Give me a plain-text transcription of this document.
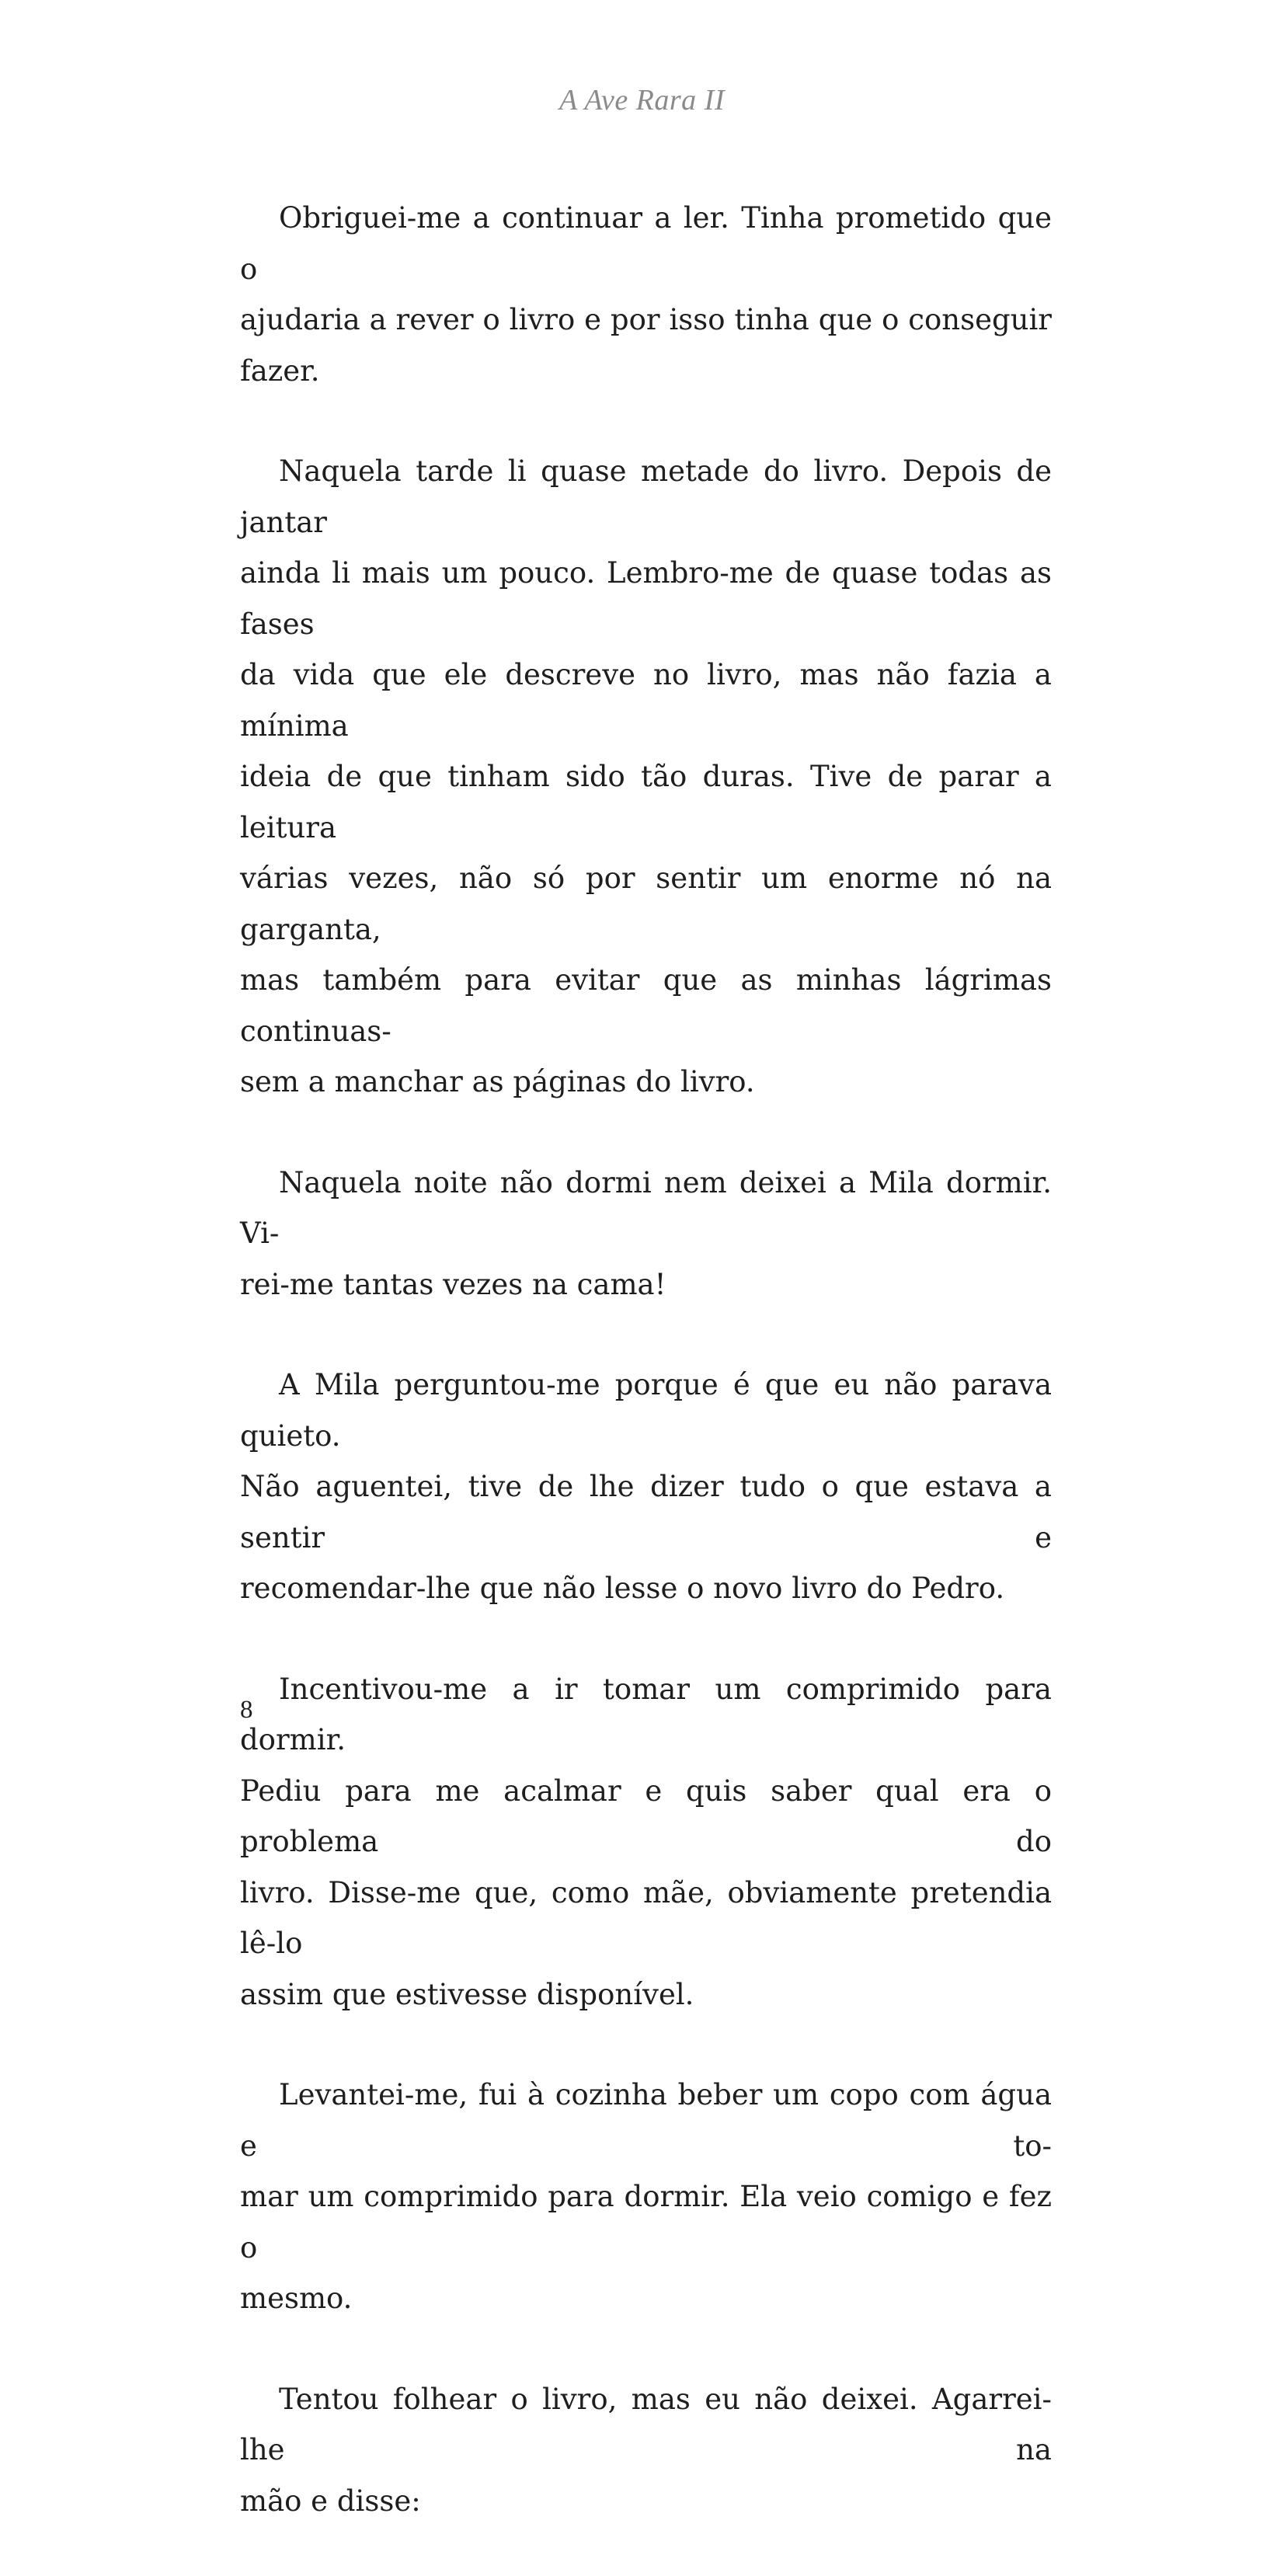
A Ave Rara II

Obriguei-me a continuar a ler. Tinha prometido que o
ajudaria a rever o livro e por isso tinha que o conseguir fazer.

Naquela tarde li quase metade do livro. Depois de jantar
ainda li mais um pouco. Lembro-me de quase todas as fases
da vida que ele descreve no livro, mas não fazia a mínima
ideia de que tinham sido tão duras. Tive de parar a leitura
várias vezes, não só por sentir um enorme nó na garganta,
mas também para evitar que as minhas lágrimas continuas-
sem a manchar as páginas do livro.

Naquela noite não dormi nem deixei a Mila dormir. Vi-
rei-me tantas vezes na cama!

A Mila perguntou-me porque é que eu não parava quieto.
Não aguentei, tive de lhe dizer tudo o que estava a sentir e
recomendar-lhe que não lesse o novo livro do Pedro.

Incentivou-me a ir tomar um comprimido para dormir.
Pediu para me acalmar e quis saber qual era o problema do
livro. Disse-me que, como mãe, obviamente pretendia lê-lo
assim que estivesse disponível.

Levantei-me, fui à cozinha beber um copo com água e to-
mar um comprimido para dormir. Ela veio comigo e fez o
mesmo.

Tentou folhear o livro, mas eu não deixei. Agarrei-lhe na
mão e disse:

8
